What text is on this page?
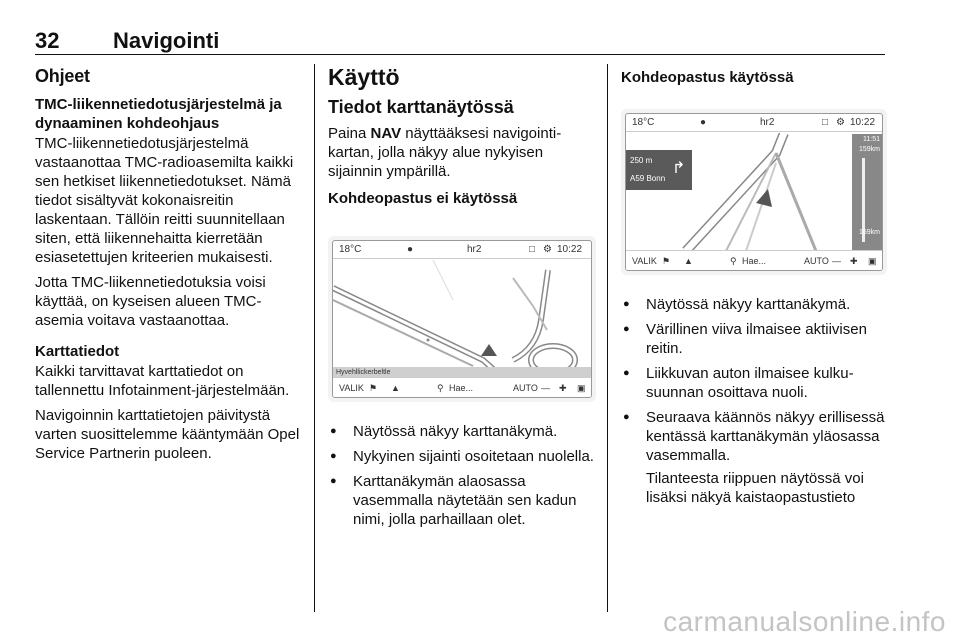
32 Navigointi
Ohjeet
TMC-liikennetiedotusjärjestelmä ja dynaaminen kohdeohjaus

TMC-liikennetiedotusjärjestelmä vastaanottaa TMC-radioasemilta kaikki sen hetkiset liikennetiedotukset. Nämä tiedot sisältyvät kokonaisreitin laskentaan. Tällöin reitti suunnitellaan siten, että liikennehaitta kierretään esiasetettujen kriteerien mukaisesti.

Jotta TMC-liikennetiedotuksia voisi käyttää, on kyseisen alueen TMC-asemia voitava vastaanottaa.

Karttatiedot

Kaikki tarvittavat karttatiedot on tallennettu Infotainment-järjestelmään.

Navigoinnin karttatietojen päivitystä varten suosittelemme kääntymään Opel Service Partnerin puoleen.

Käyttö
Tiedot karttanäytössä

Paina NAV näyttääksesi navigointikartan, jolla näkyy alue nykyisen sijainnin ympärillä.

Kohdeopastus ei käytössä
18°C	●	hr2	□ ⚙ 10:22
Hyvehllickerbeltle
VALIK ⚑ ▲	⚲ Hae...	AUTO — ✚ ▣
● Näytössä näkyy karttanäkymä.
● Nykyinen sijainti osoitetaan nuolella.
● Karttanäkymän alaosassa vasemmalla näytetään sen kadun nimi, jolla parhaillaan olet.
Kohdeopastus käytössä
18°C	●	hr2	□ ⚙ 10:22
250 m
A59 Bonn
↱
11:51
159km
159km
VALIK ⚑ ▲	⚲ Hae...	AUTO — ✚ ▣
● Näytössä näkyy karttanäkymä.
● Värillinen viiva ilmaisee aktiivisen reitin.
● Liikkuvan auton ilmaisee kulkusuunnan osoittava nuoli.
● Seuraava käännös näkyy erillisessä kentässä karttanäkymän yläosassa vasemmalla.
Tilanteesta riippuen näytössä voi lisäksi näkyä kaistaopastustieto
carmanualsonline.info
